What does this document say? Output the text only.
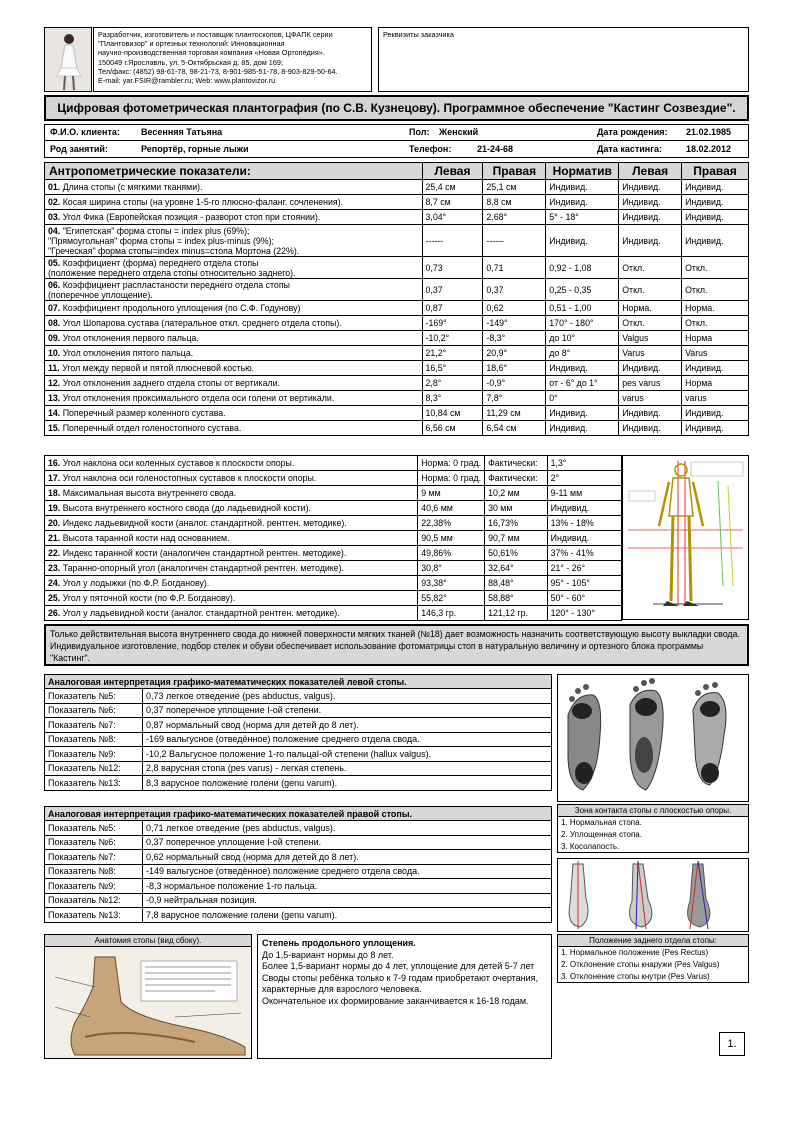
Разработчик, изготовитель и поставщик плантоскопов, ЦФАПК серии
"Плантовизор" и ортезных технологий: Инновационная
научно-производственная торговая компания «Новая Ортопедия».
150049 г.Ярославль, ул. 5-Октябрьская д. 85, дом 169;
Тел/факс: (4852) 98-61-78, 98-21-73, 8-901-985-51-78, 8-903-829-50-64.
E-mail: yar.FSIR@rambler.ru; Web: www.plantovizor.ru
Реквизиты заказчика
Цифровая фотометрическая плантография (по С.В. Кузнецову). Программное обеспечение "Кастинг Созвездие".
Ф.И.О. клиента: Весенняя Татьяна	Пол: Женский	Дата рождения: 21.02.1985
Род занятий:	Репортёр, горные лыжи	Телефон:	21-24-68	Дата кастинга:	18.02.2012
Антропометрические показатели:	Левая	Правая	Норматив	Левая	Правая
01. Длина стопы (с мягкими тканями).	25,4 см	25,1 см	Индивид.	Индивид.	Индивид.
02. Косая ширина стопы (на уровне 1-5-го плюсно-фаланг. сочленения).	8,7 см	8,8 см	Индивид.	Индивид.	Индивид.
03. Угол Фика (Европейская позиция - разворот стоп при стоянии).	3,04°	2,68°	5° - 18°	Индивид.	Индивид.
04. "Египетская" форма стопы = index plus (69%);
"Прямоугольная" форма стопы = index plus-minus (9%);
"Греческая" форма стопы=index minus=стопа Мортона (22%).	------	------	Индивид.	Индивид.	Индивид.
05. Коэффициент (форма) переднего отдела стопы
(положение переднего отдела стопы относительно заднего).	0,73	0,71	0,92 - 1,08	Откл.	Откл.
06. Коэффициент распластаности переднего отдела стопы
(поперечное уплощение).	0,37	0,37	0,25 - 0,35	Откл.	Откл.
07. Коэффициент продольного уплощения (по С.Ф. Годунову)	0,87	0,62	0,51 - 1,00	Норма.	Норма.
08. Угол Шопарова сустава (латеральное откл. среднего отдела стопы).	-169°	-149°	170° - 180°	Откл.	Откл.
09. Угол отклонения первого пальца.	-10,2°	-8,3°	до 10°	Valgus	Норма
10. Угол отклонения пятого пальца.	21,2°	20,9°	до 8°	Varus	Varus
11. Угол между первой и пятой плюсневой костью.	16,5°	18,6°	Индивид.	Индивид.	Индивид.
12. Угол отклонения заднего отдела стопы от вертикали.	2,8°	-0,9°	от - 6° до 1°	pes varus	Норма
13. Угол отклонения проксимального отдела оси голени от вертикали.	8,3°	7,8°	0°	varus	varus
14. Поперечный размер коленного сустава.	10,84 см	11,29 см	Индивид.	Индивид.	Индивид.
15. Поперечный отдел голеностопного сустава.	6,56 см	6,54 см	Индивид.	Индивид.	Индивид.
16. Угол наклона оси коленных суставов к плоскости опоры.	Норма: 0 град.	Фактически:	1,3°
17. Угол наклона оси голеностопных суставов к плоскости опоры.	Норма: 0 град.	Фактически:	2°
18. Максимальная высота внутреннего свода.	9 мм	10,2 мм	9-11 мм
19. Высота внутреннего костного свода (до ладьевидной кости).	40,6 мм	30 мм	Индивид.
20. Индекс ладьевидной кости (аналог. стандартной. рентген. методике).	22,38%	16,73%	13% - 18%
21. Высота таранной кости над основанием.	90,5 мм	90,7 мм	Индивид.
22. Индекс таранной кости (аналогичен стандартной рентген. методике).	49,86%	50,61%	37% - 41%
23. Таранно-опорный угол (аналогичен стандартной рентген. методике).	30,8°	32,64°	21° - 26°
24. Угол у лодыжки (по Ф.Р. Богданову).	93,38°	88,48°	95° - 105°
25. Угол у пяточной кости (по Ф.Р. Богданову).	55,82°	58,88°	50° - 60°
26. Угол у ладьевидной кости (аналог. стандартной рентген. методике).	146,3 гр.	121,12 гр.	120° - 130°
Только действительная высота внутреннего свода до нижней поверхности мягких тканей (№18) дает возможность назначить соответствующую высоту выкладки свода. Индивидуальное изготовление, подбор стелек и обуви обеспечивает использование фотоматрицы стоп в натуральную величину и ортезного блока программы "Кастинг".
Аналоговая интерпретация графико-математических показателей левой стопы.	
Показатель №5:	0,73 легкое отведение (pes abductus, valgus).
Показатель №6:	0,37 поперечное уплощение I-ой степени.
Показатель №7:	0,87 нормальный свод (норма для детей до 8 лет).
Показатель №8:	-169 вальгусное (отведённое) положение среднего отдела свода.
Показатель №9:	-10,2 Вальгусное положение 1-го пальцаI-ой степени (hallux valgus).
Показатель №12:	2,8 варусная стопа (pes varus) - легкая степень.
Показатель №13:	8,3 варусное положение голени (genu varum).
Аналоговая интерпретация графико-математических показателей правой стопы.	
Показатель №5:	0,71 легкое отведение (pes abductus, valgus).
Показатель №6:	0,37 поперечное уплощение I-ой степени.
Показатель №7:	0,62 нормальный свод (норма для детей до 8 лет).
Показатель №8:	-149 вальгусное (отведённое) положение среднего отдела свода.
Показатель №9:	-8,3 нормальное положение 1-го пальца.
Показатель №12:	-0,9 нейтральная позиция.
Показатель №13:	7,8 варусное положение голени (genu varum).
Зона контакта стопы с плоскостью опоры.
1. Нормальная стопа.
2. Уплощенная стопа.
3. Косолапость.
Положение заднего отдела стопы:
1. Нормальное положение (Pes Rectus)
2. Отклонение стопы кнаружи (Pes Valgus)
3. Отклонение стопы кнутри (Pes Varus)
Анатомия стопы (вид сбоку).	Степень продольного уплощения.
До 1,5-вариант нормы до 8 лет.
Более 1,5-вариант нормы до 4 лет, уплощение для детей 5-7 лет
Своды стопы ребёнка только к 7-9 годам приобретают очертания, характерные для взрослого человека.
Окончательное их формирование заканчивается к 16-18 годам.
1.
